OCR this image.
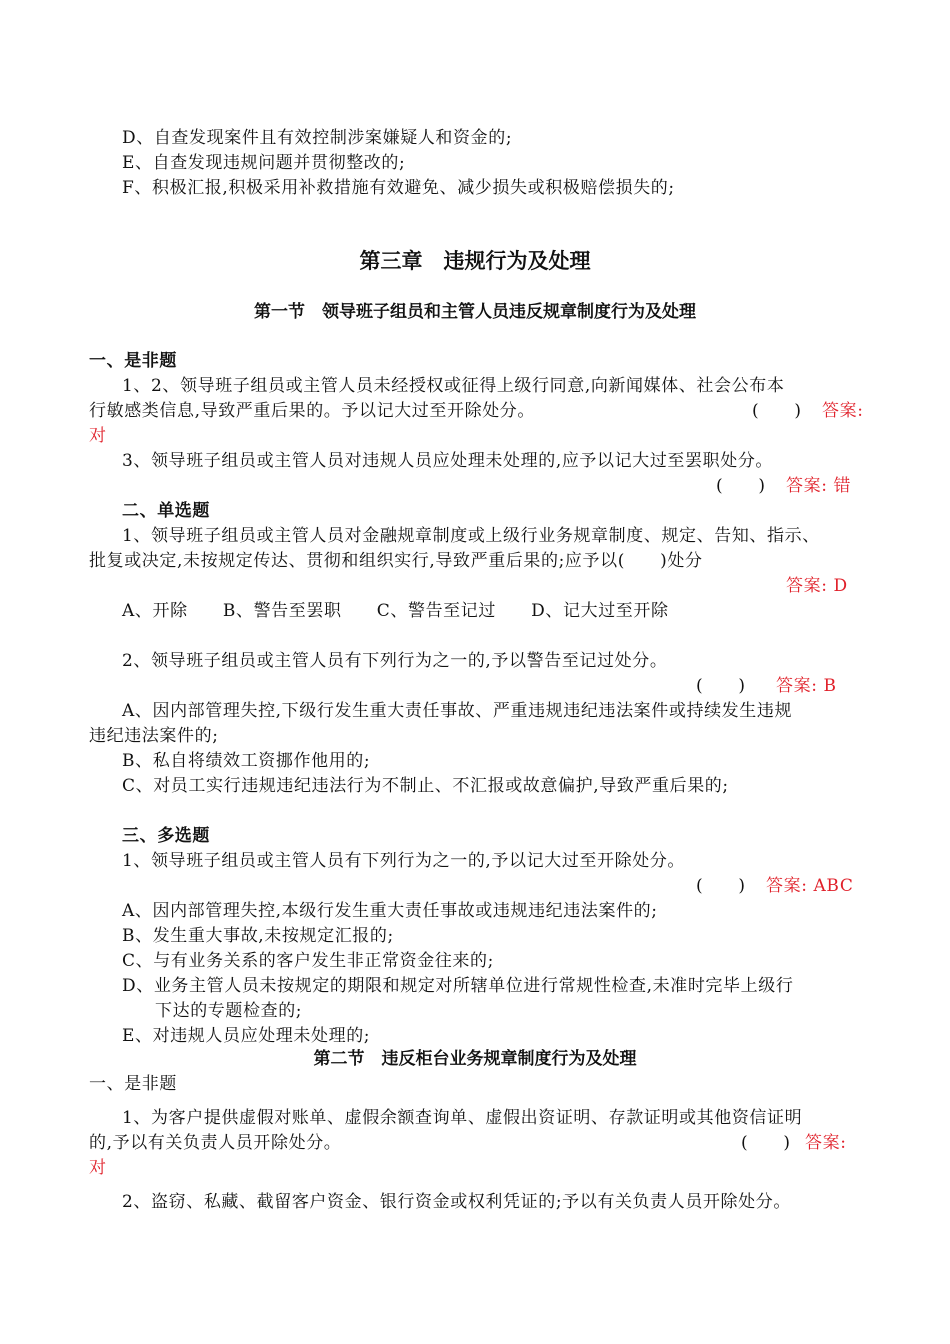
D、自查发现案件且有效控制涉案嫌疑人和资金的;
E、自查发现违规问题并贯彻整改的;
F、积极汇报,积极采用补救措施有效避免、减少损失或积极赔偿损失的;
第三章　违规行为及处理
第一节　领导班子组员和主管人员违反规章制度行为及处理
一、是非题
1、2、领导班子组员或主管人员未经授权或征得上级行同意,向新闻媒体、社会公布本
行敏感类信息,导致严重后果的。予以记大过至开除处分。	(　　) 答案:
对
3、领导班子组员或主管人员对违规人员应处理未处理的,应予以记大过至罢职处分。
(　　) 答案: 错
二、单选题
1、领导班子组员或主管人员对金融规章制度或上级行业务规章制度、规定、告知、指示、
批复或决定,未按规定传达、贯彻和组织实行,导致严重后果的;应予以(　　)处分
答案: D
A、开除　　B、警告至罢职　　C、警告至记过　　D、记大过至开除
2、领导班子组员或主管人员有下列行为之一的,予以警告至记过处分。
(　　) 答案: B
A、因内部管理失控,下级行发生重大责任事故、严重违规违纪违法案件或持续发生违规
违纪违法案件的;
B、私自将绩效工资挪作他用的;
C、对员工实行违规违纪违法行为不制止、不汇报或故意偏护,导致严重后果的;
三、多选题
1、领导班子组员或主管人员有下列行为之一的,予以记大过至开除处分。
(　　) 答案: ABC
A、因内部管理失控,本级行发生重大责任事故或违规违纪违法案件的;
B、发生重大事故,未按规定汇报的;
C、与有业务关系的客户发生非正常资金往来的;
D、业务主管人员未按规定的期限和规定对所辖单位进行常规性检查,未准时完毕上级行
下达的专题检查的;
E、对违规人员应处理未处理的;
第二节　违反柜台业务规章制度行为及处理
一、是非题
1、为客户提供虚假对账单、虚假余额查询单、虚假出资证明、存款证明或其他资信证明
的,予以有关负责人员开除处分。	(　　) 答案:
对
2、盗窃、私藏、截留客户资金、银行资金或权利凭证的;予以有关负责人员开除处分。
